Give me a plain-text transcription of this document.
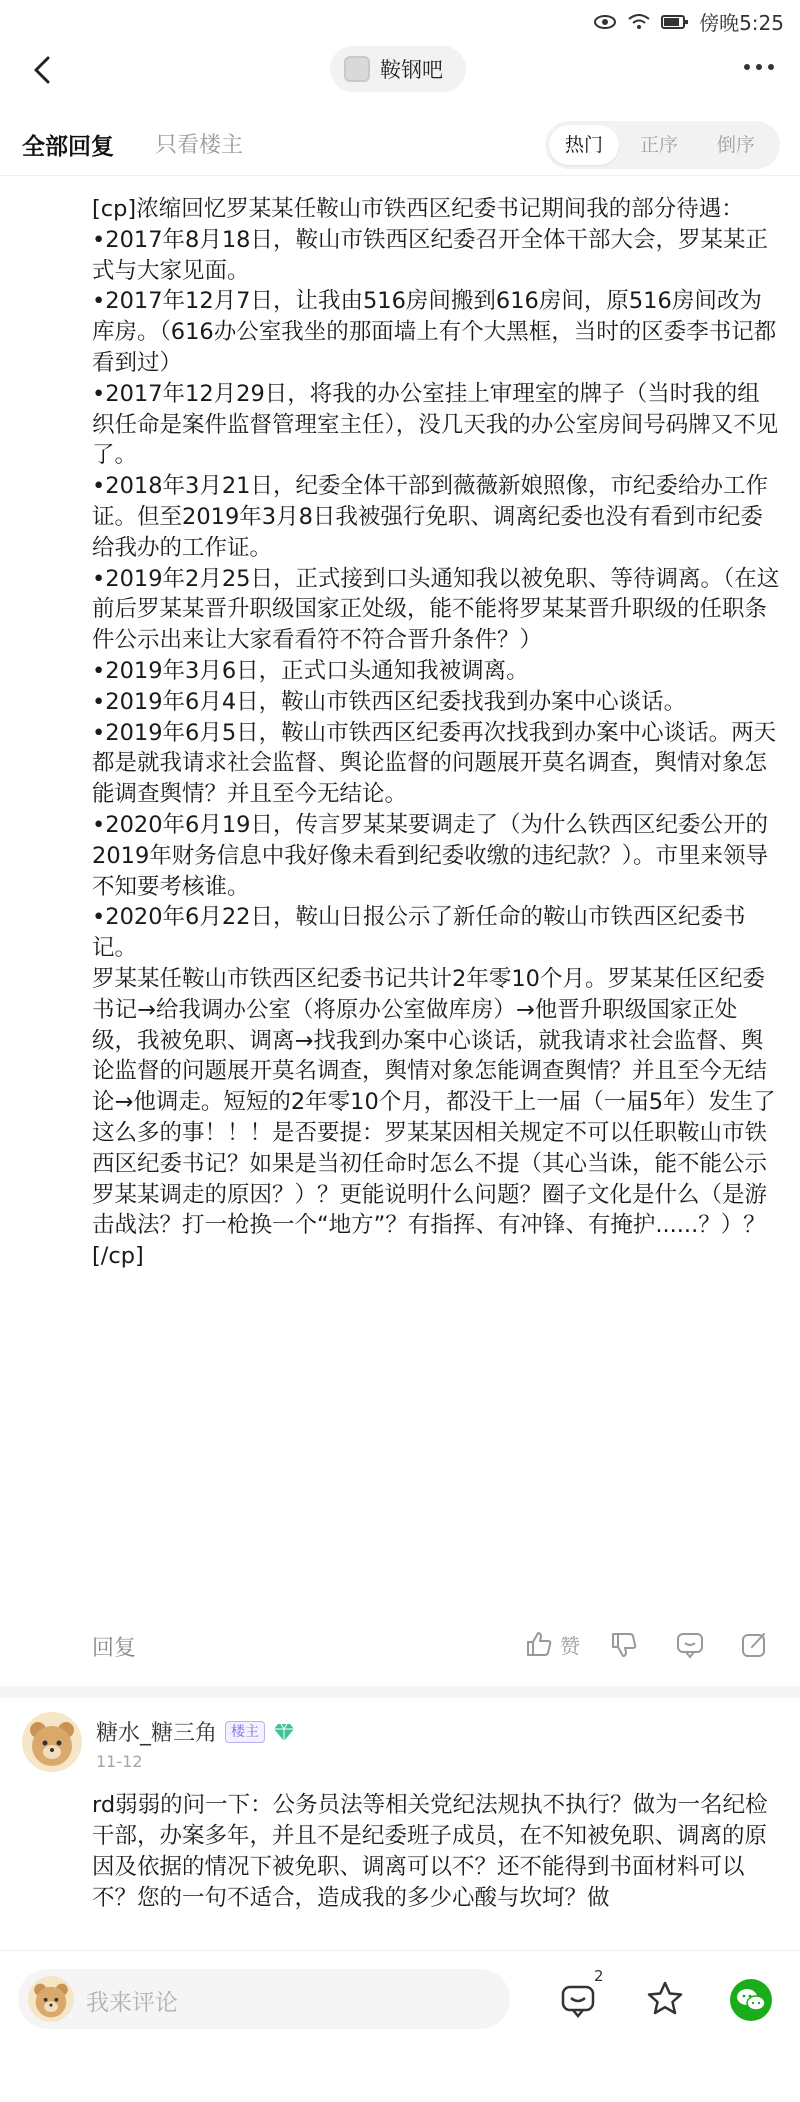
傍晚5:25
鞍钢吧
全部回复 只看楼主	热门	正序 倒序

[cp]浓缩回忆罗某某任鞍山市铁西区纪委书记期间我的部分待遇：

•2017年8月18日，鞍山市铁西区纪委召开全体干部大会，罗某某正式与大家见面。

•2017年12月7日，让我由516房间搬到616房间，原516房间改为库房。（616办公室我坐的那面墙上有个大黑框，当时的区委李书记都看到过）

•2017年12月29日，将我的办公室挂上审理室的牌子（当时我的组织任命是案件监督管理室主任），没几天我的办公室房间号码牌又不见了。

•2018年3月21日，纪委全体干部到薇薇新娘照像，市纪委给办工作证。但至2019年3月8日我被强行免职、调离纪委也没有看到市纪委给我办的工作证。

•2019年2月25日，正式接到口头通知我以被免职、等待调离。（在这前后罗某某晋升职级国家正处级，能不能将罗某某晋升职级的任职条件公示出来让大家看看符不符合晋升条件？）

•2019年3月6日，正式口头通知我被调离。

•2019年6月4日，鞍山市铁西区纪委找我到办案中心谈话。

•2019年6月5日，鞍山市铁西区纪委再次找我到办案中心谈话。两天都是就我请求社会监督、舆论监督的问题展开莫名调查，舆情对象怎能调查舆情？并且至今无结论。

•2020年6月19日，传言罗某某要调走了（为什么铁西区纪委公开的2019年财务信息中我好像未看到纪委收缴的违纪款？）。市里来领导不知要考核谁。

•2020年6月22日，鞍山日报公示了新任命的鞍山市铁西区纪委书记。

罗某某任鞍山市铁西区纪委书记共计2年零10个月。罗某某任区纪委书记→给我调办公室（将原办公室做库房）→他晋升职级国家正处级，我被免职、调离→找我到办案中心谈话，就我请求社会监督、舆论监督的问题展开莫名调查，舆情对象怎能调查舆情？并且至今无结论→他调走。短短的2年零10个月，都没干上一届（一届5年）发生了这么多的事！！！是否要提：罗某某因相关规定不可以任职鞍山市铁西区纪委书记？如果是当初任命时怎么不提（其心当诛，能不能公示罗某某调走的原因？）？更能说明什么问题？圈子文化是什么（是游击战法？打一枪换一个“地方”？有指挥、有冲锋、有掩护......？）？[/cp]

回复	赞
糖水_糖三角	楼主
11-12

rd弱弱的问一下：公务员法等相关党纪法规执不执行？做为一名纪检干部，办案多年，并且不是纪委班子成员，在不知被免职、调离的原因及依据的情况下被免职、调离可以不？还不能得到书面材料可以不？您的一句不适合，造成我的多少心酸与坎坷？做

我来评论
2
